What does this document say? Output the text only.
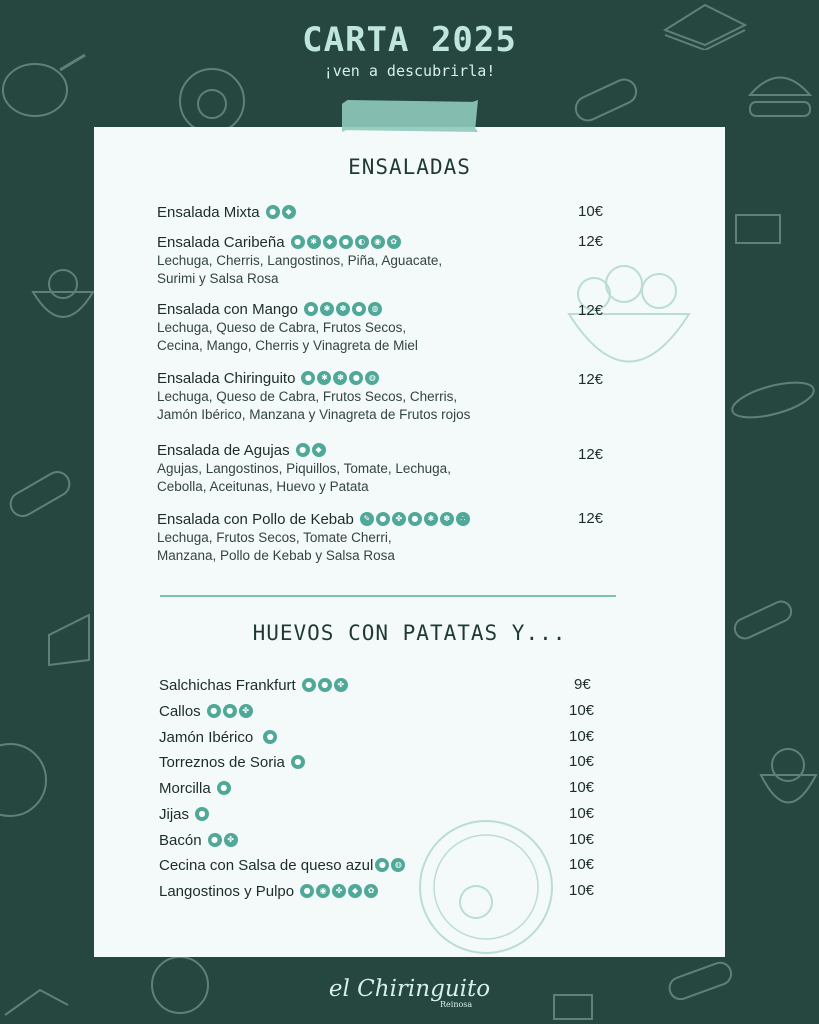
CARTA 2025
¡ven a descubrirla!
ENSALADAS
Ensalada Mixta	●	◆	10€
Ensalada Caribeña	●	✱	◆	●	◐	◉	✿
Lechuga, Cherris, Langostinos, Piña, Aguacate,
Surimi y Salsa Rosa
12€
Ensalada con Mango	●	✱	✽	●	◍
Lechuga, Queso de Cabra, Frutos Secos,
Cecina, Mango, Cherris y Vinagreta de Miel
12€
Ensalada Chiringuito	●	✱	✽	●	◍
Lechuga, Queso de Cabra, Frutos Secos, Cherris,
Jamón Ibérico, Manzana y Vinagreta de Frutos rojos
12€
Ensalada de Agujas	●	◆
Agujas, Langostinos, Piquillos, Tomate, Lechuga,
Cebolla, Aceitunas, Huevo y Patata
12€
Ensalada con Pollo de Kebab	✎	●	✤	●	✱	✽	∴
Lechuga, Frutos Secos, Tomate Cherri,
Manzana, Pollo de Kebab y Salsa Rosa
12€
HUEVOS CON PATATAS Y...
Salchichas Frankfurt	●	●	✤	9€
Callos	●	●	✤	10€
Jamón Ibérico	●	10€
Torreznos de Soria	●	10€
Morcilla	●	10€
Jijas	●	10€
Bacón	●	✤	10€
Cecina con Salsa de queso azul ●	◍	10€
Langostinos y Pulpo	●	◉	✤	◆	✿	10€
el Chiringuito
Reinosa
